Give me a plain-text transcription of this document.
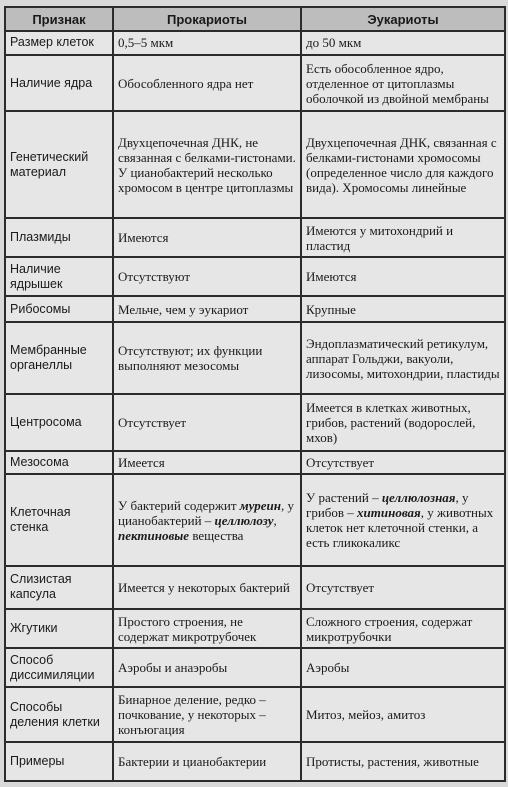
Признак	Прокариоты	Эукариоты
Размер клеток	0,5–5 мкм	до 50 мкм
Наличие ядра	Обособленного ядра нет	Есть обособленное ядро, отделенное от цитоплазмы оболочкой из двойной мембраны
Генетический материал	Двухцепочечная ДНК, не связанная с белками-гистонами. У цианобактерий несколько хромосом в центре цитоплазмы	Двухцепочечная ДНК, связанная с белками-гистонами хромосомы (определенное число для каждого вида). Хромосомы линейные
Плазмиды	Имеются	Имеются у митохондрий и пластид
Наличие ядрышек	Отсутствуют	Имеются
Рибосомы	Мельче, чем у эукариот	Крупные
Мембранные органеллы	Отсутствуют; их функции выполняют мезосомы	Эндоплазматический ретикулум, аппарат Гольджи, вакуоли, лизосомы, митохондрии, пластиды
Центросома	Отсутствует	Имеется в клетках животных, грибов, растений (водорослей, мхов)
Мезосома	Имеется	Отсутствует
Клеточная стенка	У бактерий содержит муреин, у цианобактерий – целлюлозу, пектиновые вещества	У растений – целлюлозная, у грибов – хитиновая, у животных клеток нет клеточной стенки, а есть гликокаликс
Слизистая капсула	Имеется у некоторых бактерий	Отсутствует
Жгутики	Простого строения, не содержат микротрубочек	Сложного строения, содержат микротрубочки
Способ диссимиляции	Аэробы и анаэробы	Аэробы
Способы деления клетки	Бинарное деление, редко – почкование, у некоторых – конъюгация	Митоз, мейоз, амитоз
Примеры	Бактерии и цианобактерии	Протисты, растения, животные
